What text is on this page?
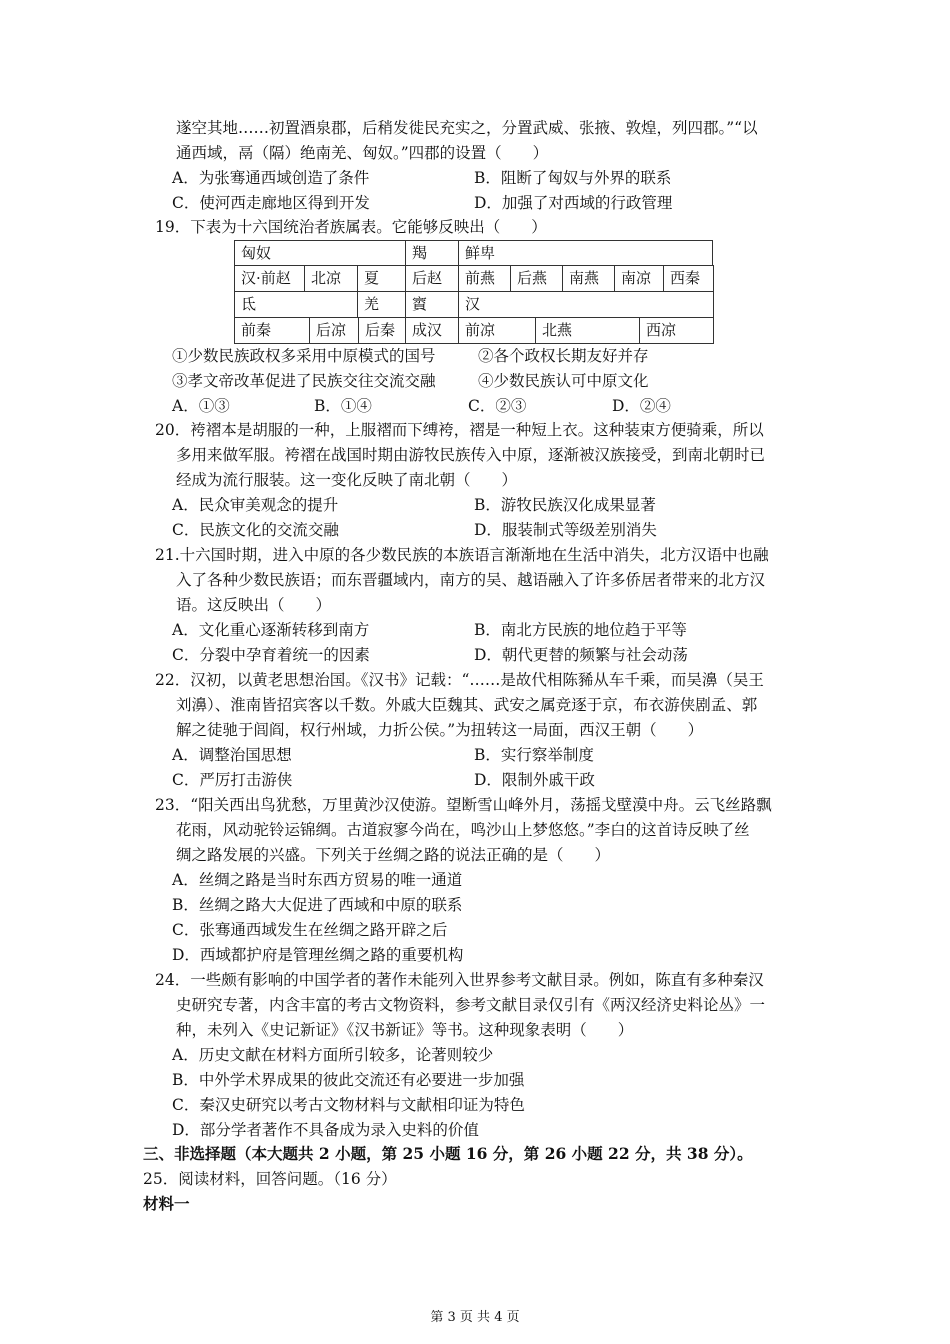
遂空其地……初置酒泉郡，后稍发徙民充实之，分置武威、张掖、敦煌，列四郡。”“以
通西域，鬲（隔）绝南羌、匈奴。”四郡的设置（　　）
A．为张骞通西域创造了条件	B．阻断了匈奴与外界的联系
C．使河西走廊地区得到开发	D．加强了对西域的行政管理
19．下表为十六国统治者族属表。它能够反映出（　　）
匈奴	羯	鲜卑
汉·前赵	北凉	夏	后赵	前燕	后燕	南燕	南凉	西秦
氐	羌	賨	汉
前秦	后凉	后秦	成汉	前凉	北燕	西凉
①少数民族政权多采用中原模式的国号	②各个政权长期友好并存
③孝文帝改革促进了民族交往交流交融	④少数民族认可中原文化
A．①③	B．①④	C．②③	D．②④
20．袴褶本是胡服的一种，上服褶而下缚袴，褶是一种短上衣。这种装束方便骑乘，所以
多用来做军服。袴褶在战国时期由游牧民族传入中原，逐渐被汉族接受，到南北朝时已
经成为流行服装。这一变化反映了南北朝（　　）
A．民众审美观念的提升	B．游牧民族汉化成果显著
C．民族文化的交流交融	D．服装制式等级差别消失
21.十六国时期，进入中原的各少数民族的本族语言渐渐地在生活中消失，北方汉语中也融
入了各种少数民族语；而东晋疆域内，南方的吴、越语融入了许多侨居者带来的北方汉
语。这反映出（　　）
A．文化重心逐渐转移到南方	B．南北方民族的地位趋于平等
C．分裂中孕育着统一的因素	D．朝代更替的频繁与社会动荡
22．汉初，以黄老思想治国。《汉书》记载：“……是故代相陈豨从车千乘，而吴濞（吴王
刘濞）、淮南皆招宾客以千数。外戚大臣魏其、武安之属竞逐于京，布衣游侠剧孟、郭
解之徒驰于闾阎，权行州域，力折公侯。”为扭转这一局面，西汉王朝（　　）
A．调整治国思想	B．实行察举制度
C．严厉打击游侠	D．限制外戚干政
23．“阳关西出鸟犹愁，万里黄沙汉使游。望断雪山峰外月，荡摇戈壁漠中舟。云飞丝路飘
花雨，风动驼铃运锦绸。古道寂寥今尚在，鸣沙山上梦悠悠。”李白的这首诗反映了丝
绸之路发展的兴盛。下列关于丝绸之路的说法正确的是（　　）
A．丝绸之路是当时东西方贸易的唯一通道
B．丝绸之路大大促进了西域和中原的联系
C．张骞通西域发生在丝绸之路开辟之后
D．西域都护府是管理丝绸之路的重要机构
24．一些颇有影响的中国学者的著作未能列入世界参考文献目录。例如，陈直有多种秦汉
史研究专著，内含丰富的考古文物资料，参考文献目录仅引有《两汉经济史料论丛》一
种，未列入《史记新证》《汉书新证》等书。这种现象表明（　　）
A．历史文献在材料方面所引较多，论著则较少
B．中外学术界成果的彼此交流还有必要进一步加强
C．秦汉史研究以考古文物材料与文献相印证为特色
D．部分学者著作不具备成为录入史料的价值
三、非选择题（本大题共 2 小题，第 25 小题 16 分，第 26 小题 22 分，共 38 分）。
25．阅读材料，回答问题。（16 分）
材料一
第 3 页 共 4 页
